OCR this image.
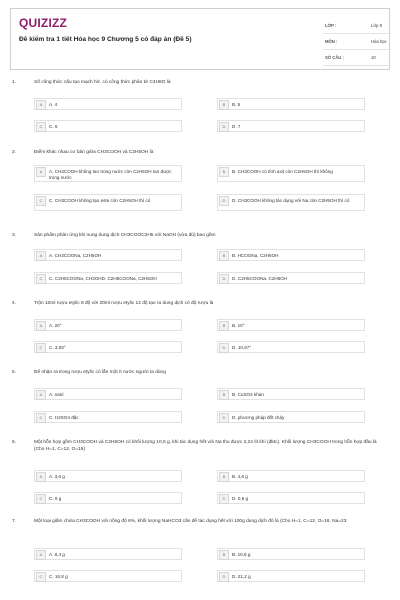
QUIZIZZ
Đề kiểm tra 1 tiết Hóa học 9 Chương 5 có đáp án (Đề 5)
LỚP :	Lớp 9
MÔN :	Hóa học
SỐ CÂU :	10
1.	Số công thức cấu tạo mạch hở, có công thức phân tử C4H8O là
A	A. 4	B	B. 5
C	C. 6	D	D. 7
2.	Điểm khác nhau cơ bản giữa CH3COOH và C2H5OH là
A	A. CH3COOH không tan trong nước còn C2H5OH tan được trong nước
B	B. CH3COOH có tính axit còn C2H5OH thì không
C	C. CH3COOH không tạo este còn C2H5OH thì có	D	D. CH3COOH không tác dụng với Na còn C2H5OH thì có
3.	Sản phẩm phản ứng khi nung dung dịch CH3COOC2H5 với NaOH (vừa đủ) bao gồm
A	A. CH3COONa, C2H5OH	B	B. HCOONa, C2H5OH
C	C. C2H5COONa, CH3OHD. C2H5COONa, C2H5OH	D	D. C2H5COONa, C2H5OH
4.	Trộn 10ml rượu etylic 8 độ với 20ml rượu etylic 12 độ tạo ra dung dịch có độ rượu là
A	A. 20°	B	B. 10°
C	C. 3,93°	D	D. 10,67°
5.	Để nhận ra trong rượu etylic có lẫn một ít nước người ta dùng
A	A. natri	B	B. CuSO4 khan
C	C. H2SO4 đặc	D	D. phương pháp đốt cháy
6.	Một hỗn hợp gồm CH3COOH và C2H5OH có khối lượng 10,6 g, khi tác dụng hết với Na thu được 2,24 lít khí (đktc). Khối lượng CH3COOH trong hỗn hợp đầu là (Cho H=1, C=12, O=16)
A	A. 3,6 g	B	B. 4,6 g
C	C. 6 g	D	D. 0,6 g
7.	Một loại giấm chứa CH3COOH với nồng độ 6%, khối lượng NaHCO3 cần để tác dụng hết với 100g dung dịch đó là (Cho H=1, C=12, O=16, Na=23
A	A. 8,4 g	B	B. 10,6 g
C	C. 16,8 g	D	D. 21,2 g
